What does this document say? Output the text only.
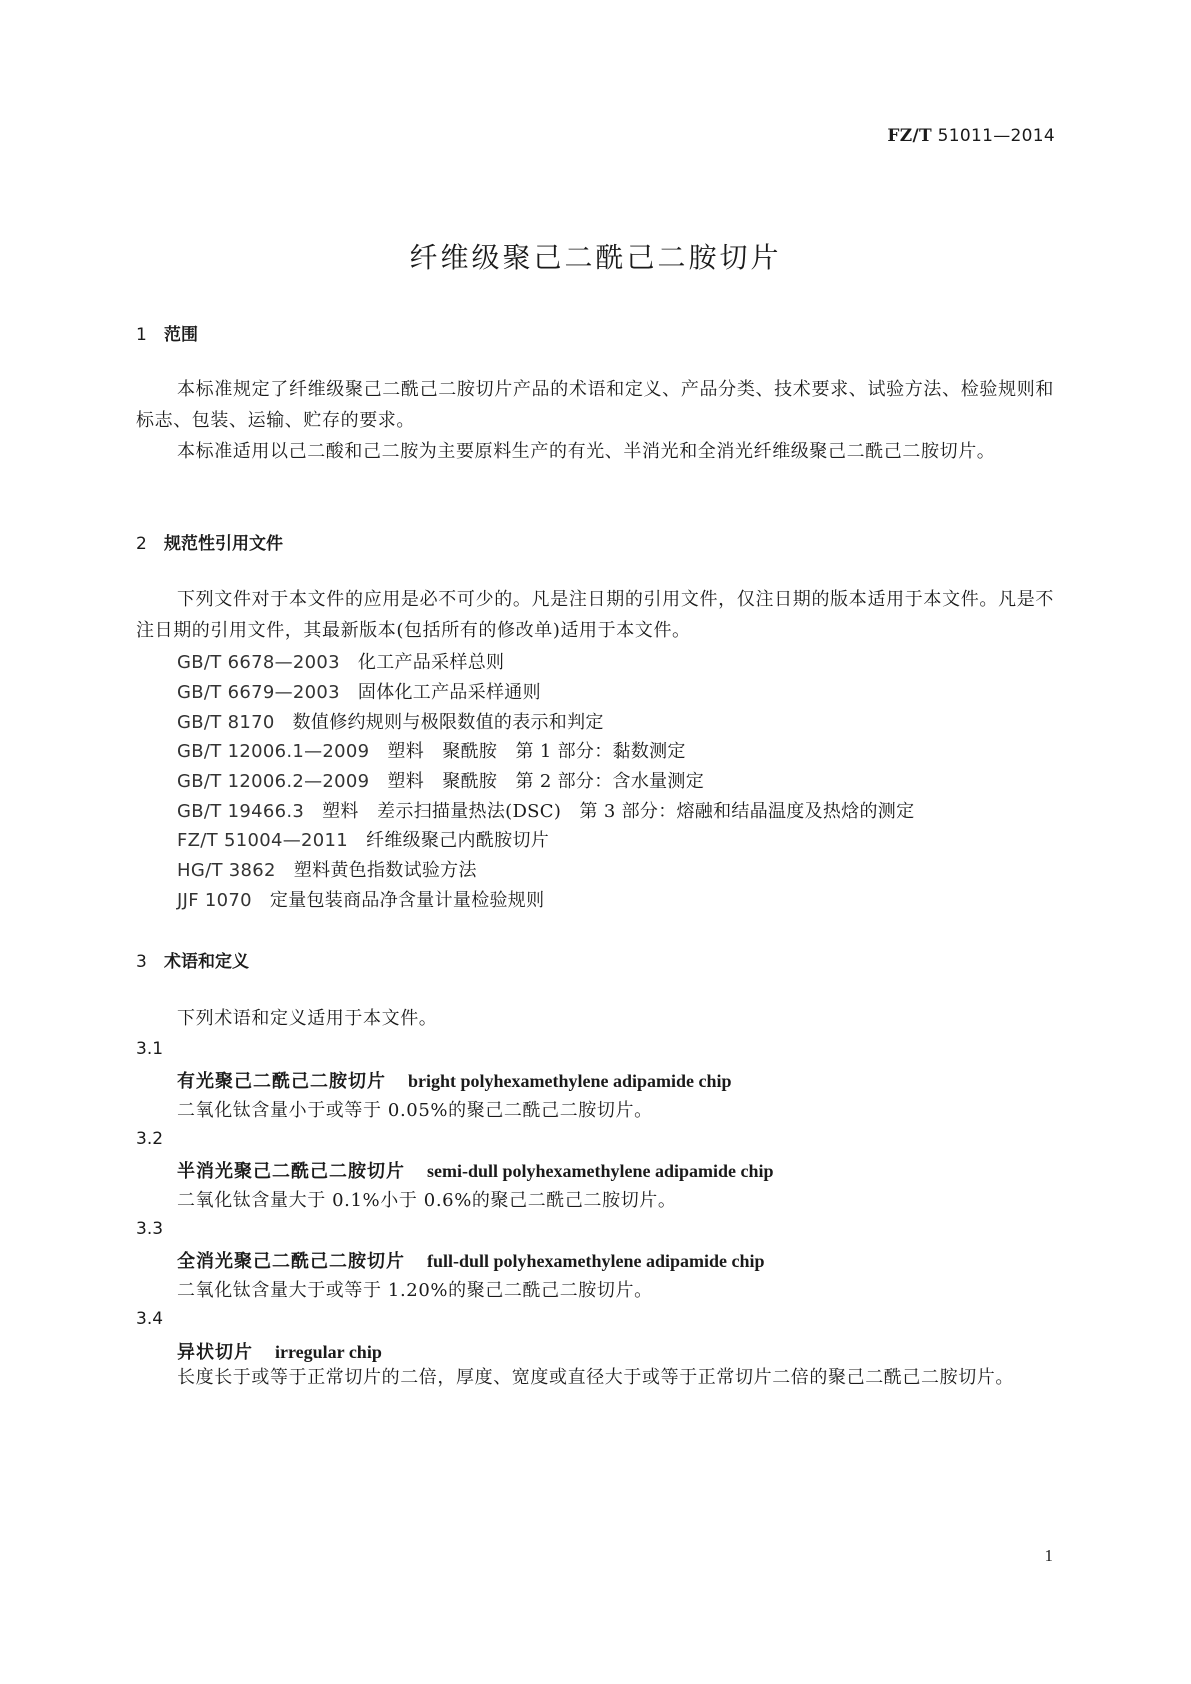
FZ/T 51011—2014
纤维级聚己二酰己二胺切片
1 范围
本标准规定了纤维级聚己二酰己二胺切片产品的术语和定义、产品分类、技术要求、试验方法、检验规则和标志、包装、运输、贮存的要求。
本标准适用以己二酸和己二胺为主要原料生产的有光、半消光和全消光纤维级聚己二酰己二胺切片。
2 规范性引用文件
下列文件对于本文件的应用是必不可少的。凡是注日期的引用文件，仅注日期的版本适用于本文件。凡是不注日期的引用文件，其最新版本(包括所有的修改单)适用于本文件。
GB/T 6678—2003 化工产品采样总则
GB/T 6679—2003 固体化工产品采样通则
GB/T 8170 数值修约规则与极限数值的表示和判定
GB/T 12006.1—2009 塑料　聚酰胺　第 1 部分：黏数测定
GB/T 12006.2—2009 塑料　聚酰胺　第 2 部分：含水量测定
GB/T 19466.3 塑料　差示扫描量热法(DSC)　第 3 部分：熔融和结晶温度及热焓的测定
FZ/T 51004—2011 纤维级聚己内酰胺切片
HG/T 3862 塑料黄色指数试验方法
JJF 1070 定量包装商品净含量计量检验规则
3 术语和定义
下列术语和定义适用于本文件。
3.1
有光聚己二酰己二胺切片 bright polyhexamethylene adipamide chip
二氧化钛含量小于或等于 0.05%的聚己二酰己二胺切片。
3.2
半消光聚己二酰己二胺切片 semi-dull polyhexamethylene adipamide chip
二氧化钛含量大于 0.1%小于 0.6%的聚己二酰己二胺切片。
3.3
全消光聚己二酰己二胺切片 full-dull polyhexamethylene adipamide chip
二氧化钛含量大于或等于 1.20%的聚己二酰己二胺切片。
3.4
异状切片 irregular chip
长度长于或等于正常切片的二倍，厚度、宽度或直径大于或等于正常切片二倍的聚己二酰己二胺切片。
1
